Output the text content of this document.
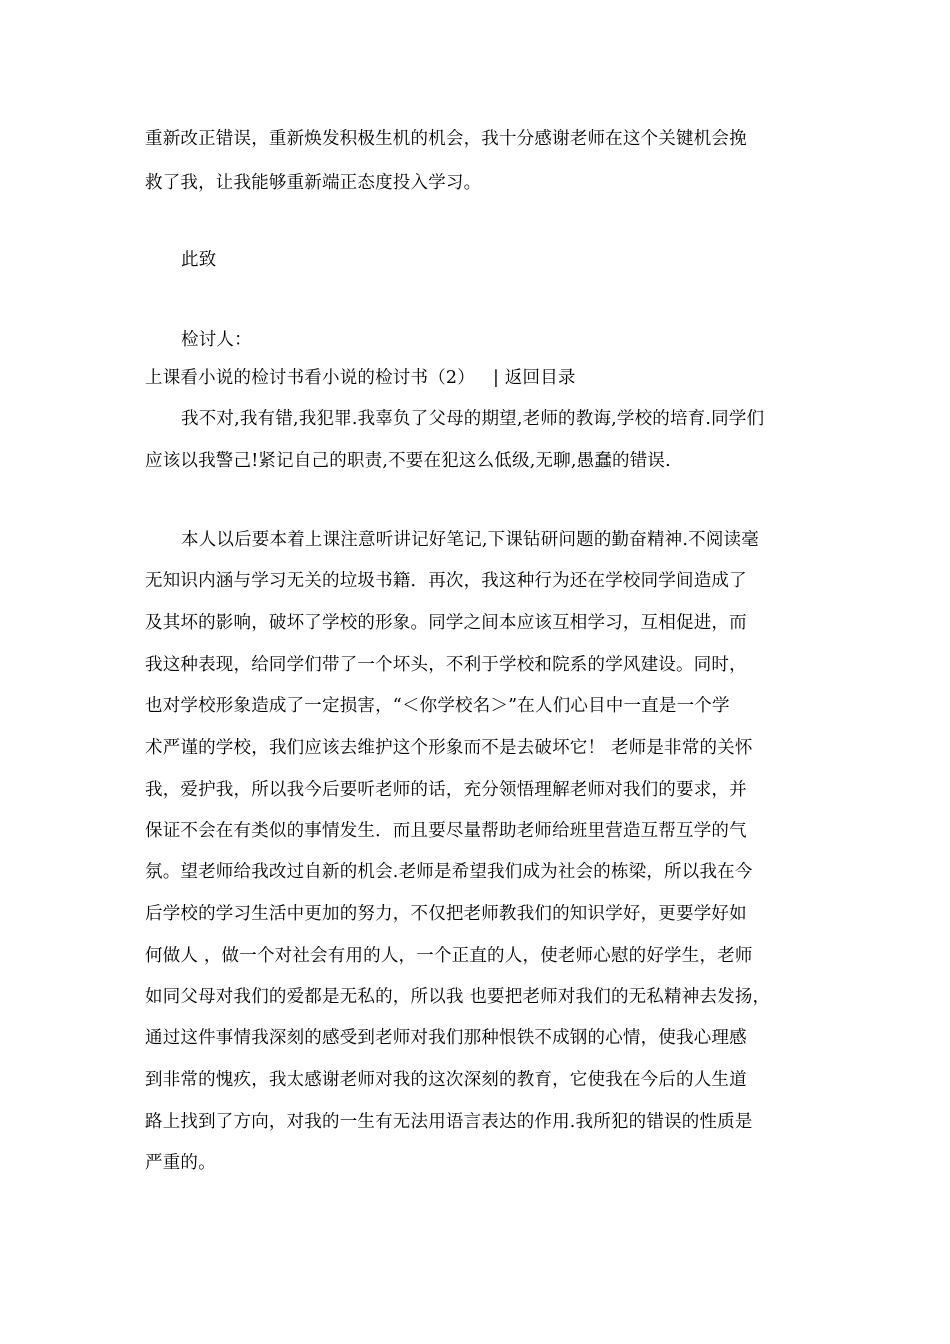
重新改正错误，重新焕发积极生机的机会，我十分感谢老师在这个关键机会挽
救了我，让我能够重新端正态度投入学习。
此致
检讨人：
上课看小说的检讨书看小说的检讨书（2） | 返回目录
我不对,我有错,我犯罪.我辜负了父母的期望,老师的教诲,学校的培育.同学们
应该以我警己!紧记自己的职责,不要在犯这么低级,无聊,愚蠢的错误.
本人以后要本着上课注意听讲记好笔记,下课钻研问题的勤奋精神.不阅读毫
无知识内涵与学习无关的垃圾书籍．再次，我这种行为还在学校同学间造成了
及其坏的影响，破坏了学校的形象。同学之间本应该互相学习，互相促进，而
我这种表现，给同学们带了一个坏头，不利于学校和院系的学风建设。同时，
也对学校形象造成了一定损害，“＜你学校名＞”在人们心目中一直是一个学
术严谨的学校，我们应该去维护这个形象而不是去破坏它！ 老师是非常的关怀
我，爱护我，所以我今后要听老师的话，充分领悟理解老师对我们的要求，并
保证不会在有类似的事情发生．而且要尽量帮助老师给班里营造互帮互学的气
氛。望老师给我改过自新的机会.老师是希望我们成为社会的栋梁，所以我在今
后学校的学习生活中更加的努力，不仅把老师教我们的知识学好，更要学好如
何做人 ，做一个对社会有用的人，一个正直的人，使老师心慰的好学生，老师
如同父母对我们的爱都是无私的，所以我 也要把老师对我们的无私精神去发扬，
通过这件事情我深刻的感受到老师对我们那种恨铁不成钢的心情，使我心理感
到非常的愧疚，我太感谢老师对我的这次深刻的教育，它使我在今后的人生道
路上找到了方向，对我的一生有无法用语言表达的作用.我所犯的错误的性质是
严重的。
